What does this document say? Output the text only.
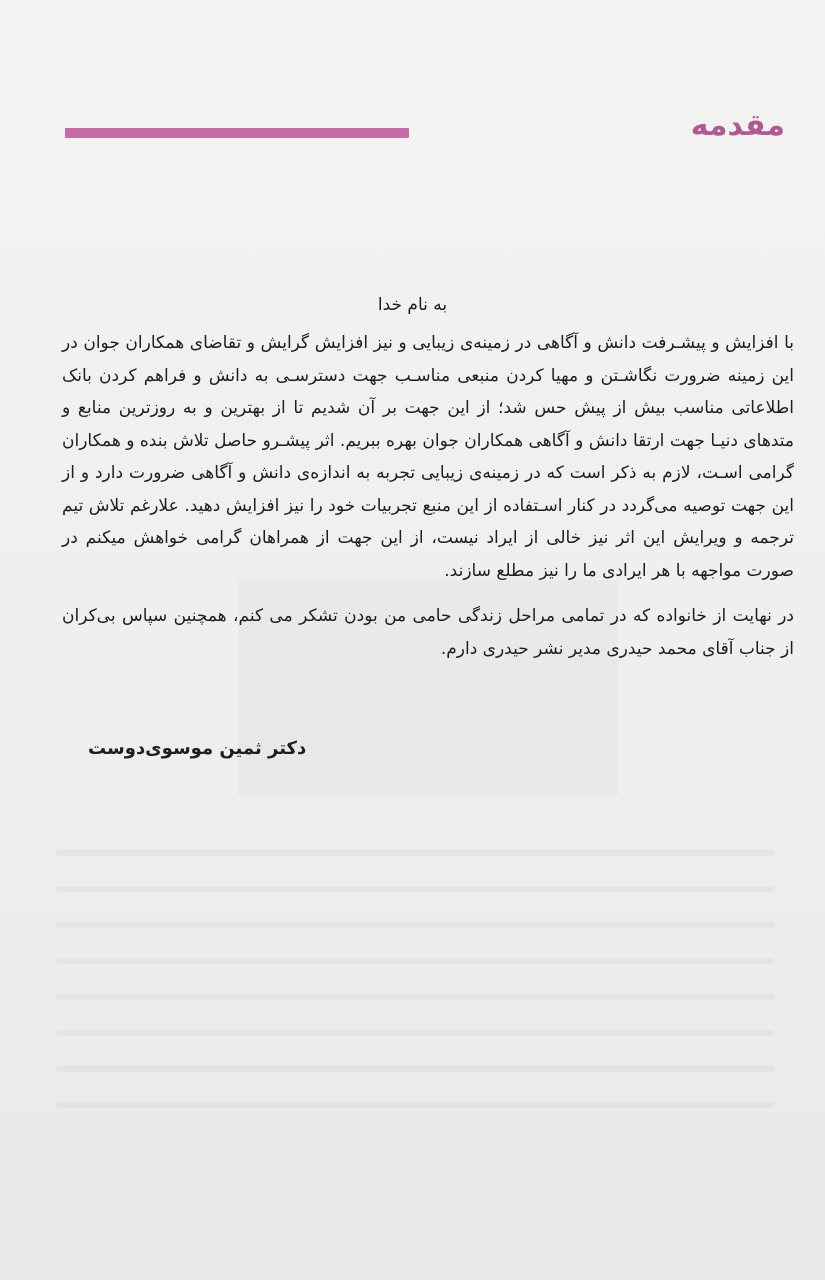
مقدمه
به نام خدا

با افزایش و پیشـرفت دانش و آگاهی در زمینه‌ی زیبایی و نیز افزایش گرایش و تقاضای همکاران جوان در این زمینه ضرورت نگاشـتن و مهیا کردن منبعی مناسـب جهت دسترسـی به دانش و فراهم کردن بانک اطلاعاتی مناسب بیش از پیش حس شد؛ از این جهت بر آن شدیم تا از بهترین و به روزترین منابع و متدهای دنیـا جهت ارتقا دانش و آگاهی همکاران جوان بهره ببریم. اثر پیشـرو حاصل تلاش بنده و همکاران گرامی اسـت، لازم به ذکر است که در زمینه‌ی زیبایی تجربه به اندازه‌ی دانش و آگاهی ضرورت دارد و از این جهت توصیه می‌گردد در کنار اسـتفاده از این منبع تجربیات خود را نیز افزایش دهید. علارغم تلاش تیم ترجمه و ویرایش این اثر نیز خالی از ایراد نیست، از این جهت از همراهان گرامی خواهش میکنم در صورت مواجهه با هر ایرادی ما را نیز مطلع سازند.

در نهایت از خانواده که در تمامی مراحل زندگی حامی من بودن تشکر می کنم، همچنین سپاس بی‌کران از جناب آقای محمد حیدری مدیر نشر حیدری دارم.

دکتر ثمین موسوی‌دوست
